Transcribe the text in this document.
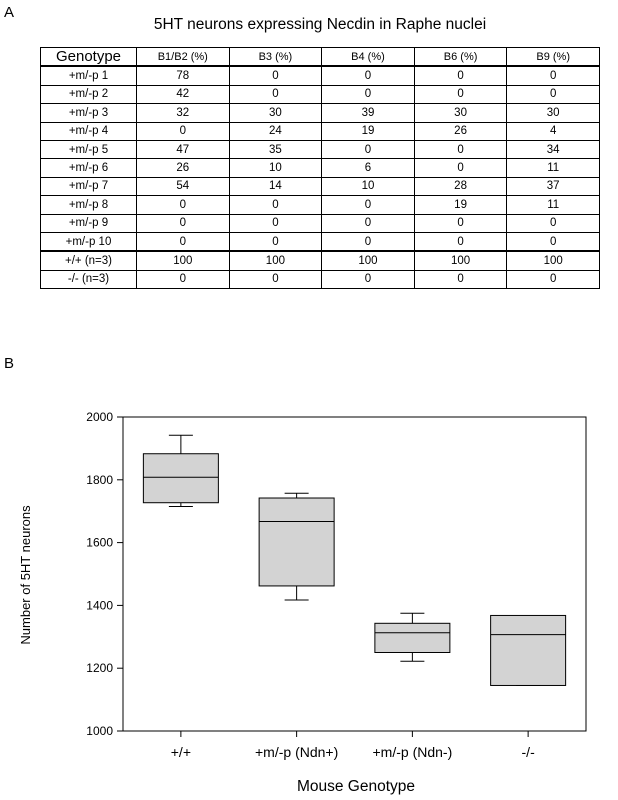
A
5HT neurons expressing Necdin in Raphe nuclei
Genotype	B1/B2 (%)	B3 (%)	B4 (%)	B6 (%)	B9 (%)
+m/-p 1	78	0	0	0	0
+m/-p 2	42	0	0	0	0
+m/-p 3	32	30	39	30	30
+m/-p 4	0	24	19	26	4
+m/-p 5	47	35	0	0	34
+m/-p 6	26	10	6	0	11
+m/-p 7	54	14	10	28	37
+m/-p 8	0	0	0	19	11
+m/-p 9	0	0	0	0	0
+m/-p 10	0	0	0	0	0
+/+ (n=3)	100	100	100	100	100
-/- (n=3)	0	0	0	0	0
B
1000
1200
1400
1600
1800
2000
+/+	+m/-p (Ndn+) +m/-p (Ndn-)	-/-
Number of 5HT neurons
Mouse Genotype
